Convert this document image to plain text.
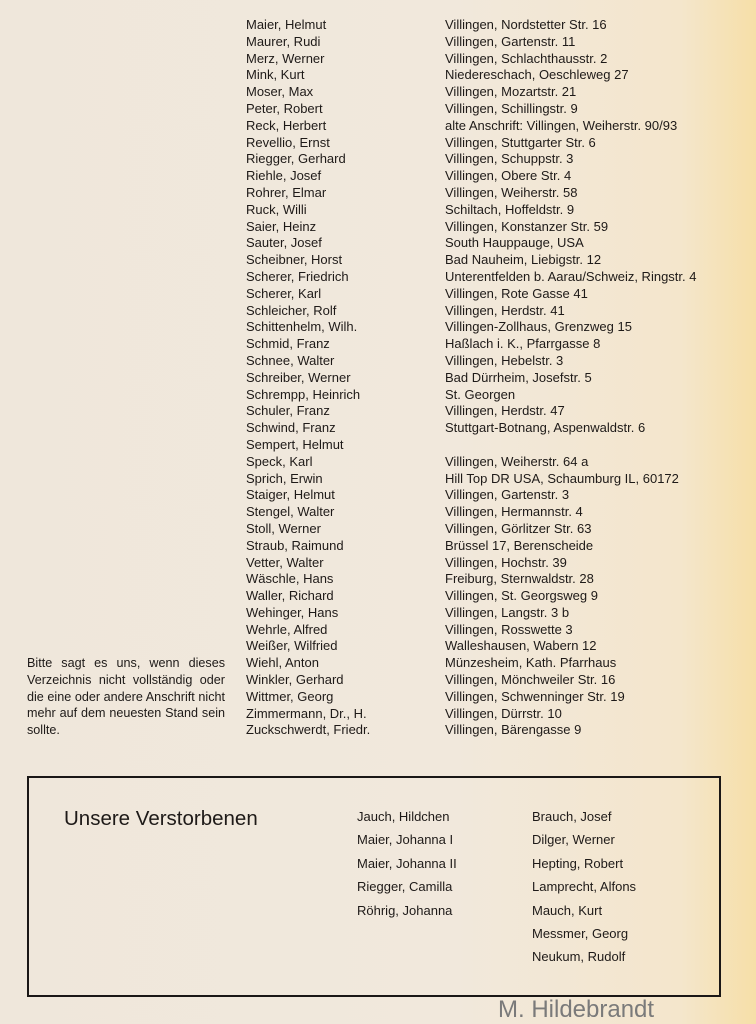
Maier, Helmut	Villingen, Nordstetter Str. 16
Maurer, Rudi	Villingen, Gartenstr. 11
Merz, Werner	Villingen, Schlachthausstr. 2
Mink, Kurt	Niedereschach, Oeschleweg 27
Moser, Max	Villingen, Mozartstr. 21
Peter, Robert	Villingen, Schillingstr. 9
Reck, Herbert	alte Anschrift: Villingen, Weiherstr. 90/93
Revellio, Ernst	Villingen, Stuttgarter Str. 6
Riegger, Gerhard	Villingen, Schuppstr. 3
Riehle, Josef	Villingen, Obere Str. 4
Rohrer, Elmar	Villingen, Weiherstr. 58
Ruck, Willi	Schiltach, Hoffeldstr. 9
Saier, Heinz	Villingen, Konstanzer Str. 59
Sauter, Josef	South Hauppauge, USA
Scheibner, Horst	Bad Nauheim, Liebigstr. 12
Scherer, Friedrich	Unterentfelden b. Aarau/Schweiz, Ringstr. 4
Scherer, Karl	Villingen, Rote Gasse 41
Schleicher, Rolf	Villingen, Herdstr. 41
Schittenhelm, Wilh.	Villingen-Zollhaus, Grenzweg 15
Schmid, Franz	Haßlach i. K., Pfarrgasse 8
Schnee, Walter	Villingen, Hebelstr. 3
Schreiber, Werner	Bad Dürrheim, Josefstr. 5
Schrempp, Heinrich	St. Georgen
Schuler, Franz	Villingen, Herdstr. 47
Schwind, Franz	Stuttgart-Botnang, Aspenwaldstr. 6
Sempert, Helmut
Speck, Karl	Villingen, Weiherstr. 64 a
Sprich, Erwin	Hill Top DR USA, Schaumburg IL, 60172
Staiger, Helmut	Villingen, Gartenstr. 3
Stengel, Walter	Villingen, Hermannstr. 4
Stoll, Werner	Villingen, Görlitzer Str. 63
Straub, Raimund	Brüssel 17, Berenscheide
Vetter, Walter	Villingen, Hochstr. 39
Wäschle, Hans	Freiburg, Sternwaldstr. 28
Waller, Richard	Villingen, St. Georgsweg 9
Wehinger, Hans	Villingen, Langstr. 3 b
Wehrle, Alfred	Villingen, Rosswette 3
Weißer, Wilfried	Walleshausen, Wabern 12
Wiehl, Anton	Münzesheim, Kath. Pfarrhaus
Winkler, Gerhard	Villingen, Mönchweiler Str. 16
Wittmer, Georg	Villingen, Schwenninger Str. 19
Zimmermann, Dr., H.	Villingen, Dürrstr. 10
Zuckschwerdt, Friedr.	Villingen, Bärengasse 9
Bitte sagt es uns, wenn dieses Verzeichnis nicht vollständig oder die eine oder andere Anschrift nicht mehr auf dem neuesten Stand sein sollte.
Unsere Verstorbenen	Jauch, Hildchen
Maier, Johanna I
Maier, Johanna II
Riegger, Camilla
Röhrig, Johanna
Brauch, Josef
Dilger, Werner
Hepting, Robert
Lamprecht, Alfons
Mauch, Kurt
Messmer, Georg
Neukum, Rudolf
M. Hildebrandt
